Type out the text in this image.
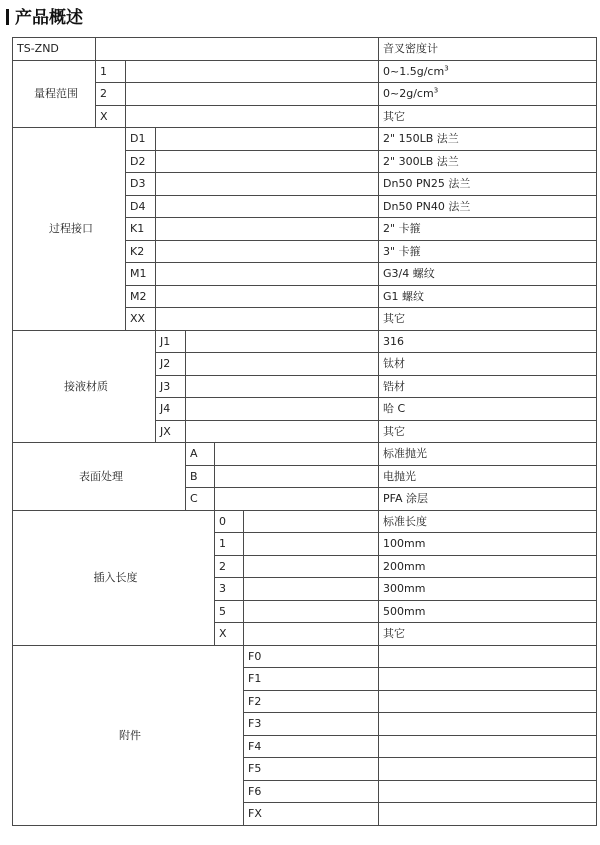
产品概述
TS-ZND							音叉密度计	
量程范围	1						$0\sim 1.5g/cm^3$
	2						$0\sim 2g/cm^3$
	X						其它	
过程接口		D1					2" 150LB 法兰	
		D2					2" 300LB 法兰	
		D3					Dn50 PN25 法兰	
		D4					Dn50 PN40 法兰	
		K1					2" 卡箍	
		K2					3" 卡箍	
		M1					G3/4 螺纹	
		M2					G1 螺纹	
		XX					其它	
接液材质			J1				316	
			J2				钛材	
			J3				锆材	
			J4				哈 C	
			JX				其它	
表面处理				A			标准抛光	
				B			电抛光	
				C			PFA 涂层	
插入长度					0		标准长度	
					1		100mm	
					2		200mm	
					3		300mm	
					5		500mm	
					X		其它	
附件						F0		
						F1		
						F2		
						F3		
						F4		
						F5		
						F6		
						FX		
